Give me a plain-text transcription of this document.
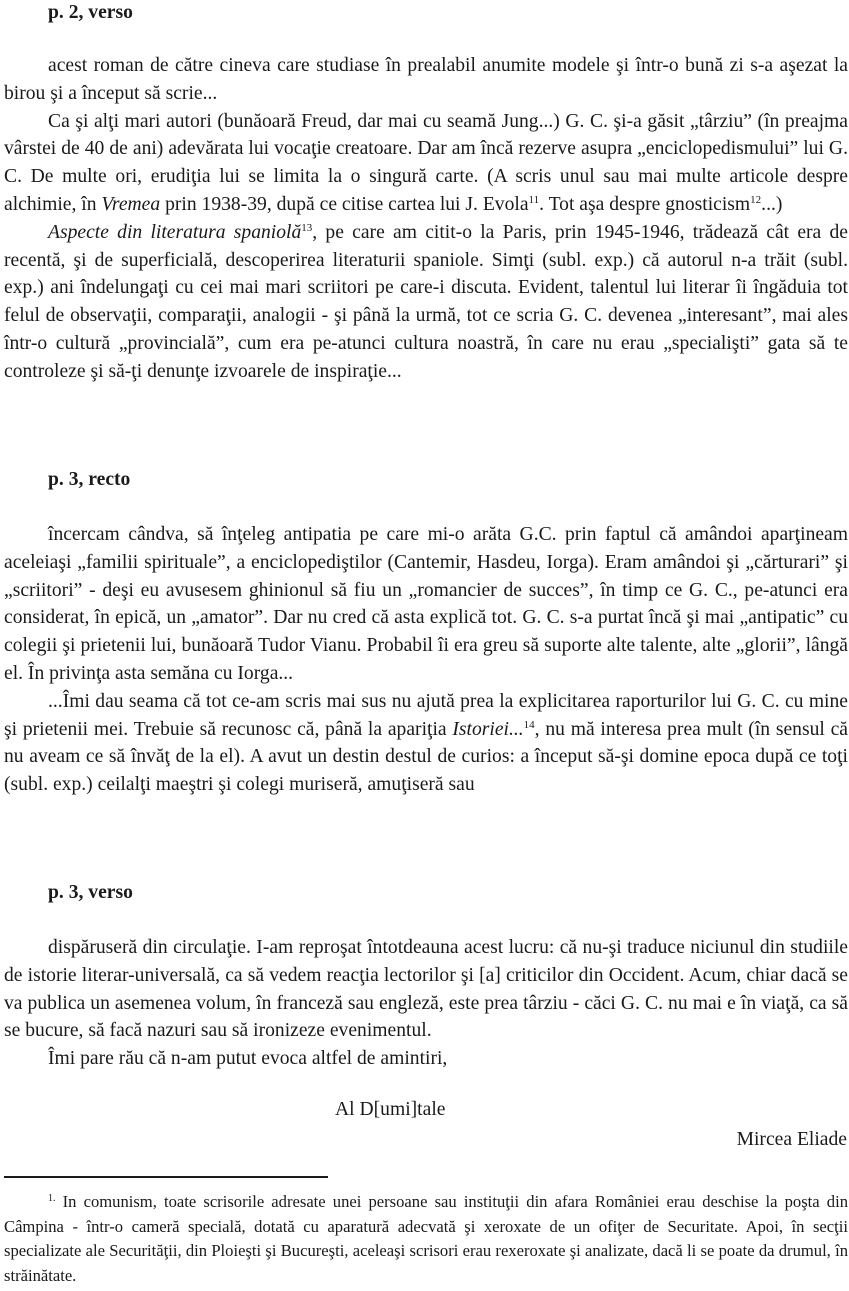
p. 2, verso

acest roman de către cineva care studiase în prealabil anumite modele şi într-o bună zi s-a aşezat la birou şi a început să scrie...

Ca şi alţi mari autori (bunăoară Freud, dar mai cu seamă Jung...) G. C. şi-a găsit „târziu” (în preajma vârstei de 40 de ani) adevărata lui vocaţie creatoare. Dar am încă rezerve asupra „enciclopedismului” lui G. C. De multe ori, erudiţia lui se limita la o singură carte. (A scris unul sau mai multe articole despre alchimie, în Vremea prin 1938-39, după ce citise cartea lui J. Evola$^{11}$. Tot aşa despre gnosticism$^{12}$...)

Aspecte din literatura spaniolă$^{13}$, pe care am citit-o la Paris, prin 1945-1946, trădează cât era de recentă, şi de superficială, descoperirea literaturii spaniole. Simţi (subl. exp.) că autorul n-a trăit (subl. exp.) ani îndelungaţi cu cei mai mari scriitori pe care-i discuta. Evident, talentul lui literar îi îngăduia tot felul de observaţii, comparaţii, analogii - şi până la urmă, tot ce scria G. C. devenea „interesant”, mai ales într-o cultură „provincială”, cum era pe-atunci cultura noastră, în care nu erau „specialişti” gata să te controleze şi să-ţi denunţe izvoarele de inspiraţie...

p. 3, recto

încercam cândva, să înţeleg antipatia pe care mi-o arăta G.C. prin faptul că amândoi aparţineam aceleiaşi „familii spirituale”, a enciclopediştilor (Cantemir, Hasdeu, Iorga). Eram amândoi şi „cărturari” şi „scriitori” - deşi eu avusesem ghinionul să fiu un „romancier de succes”, în timp ce G. C., pe-atunci era considerat, în epică, un „amator”. Dar nu cred că asta explică tot. G. C. s-a purtat încă şi mai „antipatic” cu colegii şi prietenii lui, bunăoară Tudor Vianu. Probabil îi era greu să suporte alte talente, alte „glorii”, lângă el. În privinţa asta semăna cu Iorga...

...Îmi dau seama că tot ce-am scris mai sus nu ajută prea la explicitarea raporturilor lui G. C. cu mine şi prietenii mei. Trebuie să recunosc că, până la apariţia Istoriei...$^{14}$, nu mă interesa prea mult (în sensul că nu aveam ce să învăţ de la el). A avut un destin destul de curios: a început să-şi domine epoca după ce toţi (subl. exp.) ceilalţi maeştri şi colegi muriseră, amuţiseră sau

p. 3, verso

dispăruseră din circulaţie. I-am reproşat întotdeauna acest lucru: că nu-şi traduce niciunul din studiile de istorie literar-universală, ca să vedem reacţia lectorilor şi [a] criticilor din Occident. Acum, chiar dacă se va publica un asemenea volum, în franceză sau engleză, este prea târziu - căci G. C. nu mai e în viaţă, ca să se bucure, să facă nazuri sau să ironizeze evenimentul.

Îmi pare rău că n-am putut evoca altfel de amintiri,

Al D[umi]tale

Mircea Eliade

$^{1.}$ In comunism, toate scrisorile adresate unei persoane sau instituţii din afara României erau deschise la poşta din Câmpina - într-o cameră specială, dotată cu aparatură adecvată şi xeroxate de un ofiţer de Securitate. Apoi, în secţii specializate ale Securităţii, din Ploieşti şi Bucureşti, aceleaşi scrisori erau rexeroxate şi analizate, dacă li se poate da drumul, în străinătate.
